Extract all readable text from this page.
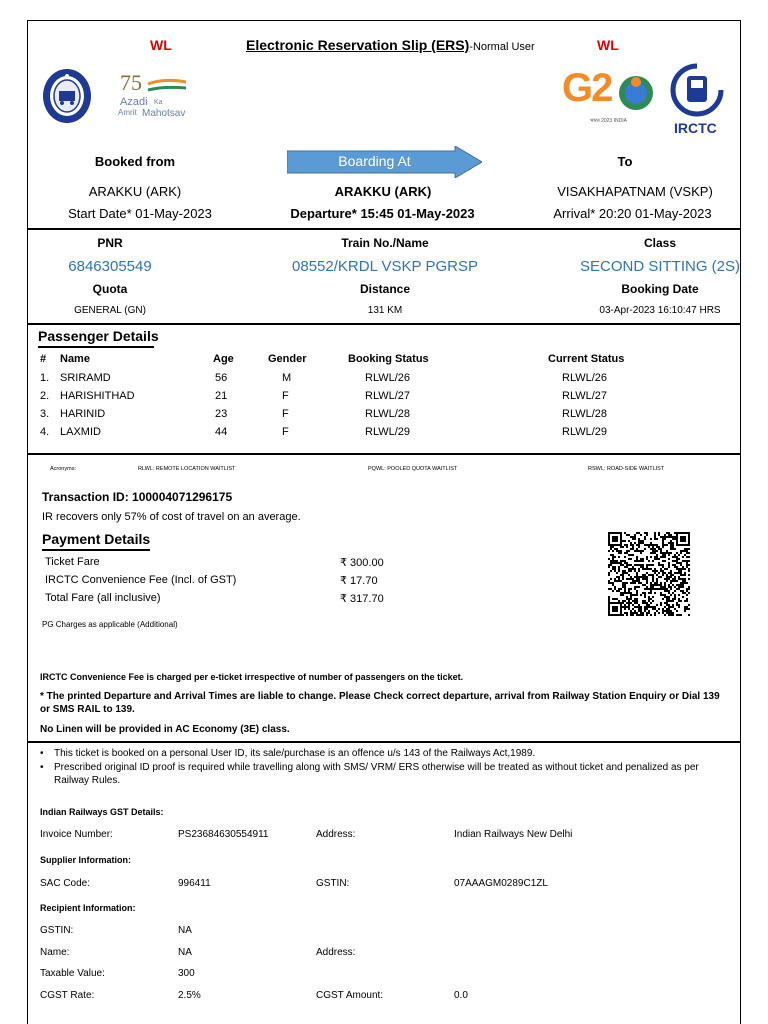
WL	Electronic Reservation Slip (ERS)-Normal User	WL
75
Azadi Ka
Amrit Mahotsav
G2
भारत 2023 INDIA	IRCTC
Booked from	Boarding At	To
ARAKKU (ARK)	ARAKKU (ARK)	VISAKHAPATNAM (VSKP)
Start Date* 01-May-2023	Departure* 15:45 01-May-2023	Arrival* 20:20 01-May-2023
PNR	Train No./Name	Class
6846305549	08552/KRDL VSKP PGRSP	SECOND SITTING (2S)
Quota	Distance	Booking Date
GENERAL (GN)	131 KM	03-Apr-2023 16:10:47 HRS
Passenger Details
# Name	Age	Gender	Booking Status	Current Status
1. SRIRAMD	56	M	RLWL/26	RLWL/26
2. HARISHITHAD	21	F	RLWL/27	RLWL/27
3. HARINID	23	F	RLWL/28	RLWL/28
4. LAXMID	44	F	RLWL/29	RLWL/29
Acronyms:	RLWL: REMOTE LOCATION WAITLIST	PQWL: POOLED QUOTA WAITLIST	RSWL: ROAD-SIDE WAITLIST
Transaction ID: 100004071296175
IR recovers only 57% of cost of travel on an average.
Payment Details
Ticket Fare	₹ 300.00
IRCTC Convenience Fee (Incl. of GST)	₹ 17.70
Total Fare (all inclusive)	₹ 317.70
PG Charges as applicable (Additional)
IRCTC Convenience Fee is charged per e-ticket irrespective of number of passengers on the ticket.
* The printed Departure and Arrival Times are liable to change. Please Check correct departure, arrival from Railway Station Enquiry or Dial 139 or SMS RAIL to 139.
No Linen will be provided in AC Economy (3E) class.
• This ticket is booked on a personal User ID, its sale/purchase is an offence u/s 143 of the Railways Act,1989.
• Prescribed original ID proof is required while travelling along with SMS/ VRM/ ERS otherwise will be treated as without ticket and penalized as per Railway Rules.
Indian Railways GST Details:
Invoice Number:	PS23684630554911	Address:	Indian Railways New Delhi
Supplier Information:
SAC Code:	996411	GSTIN:	07AAAGM0289C1ZL
Recipient Information:
GSTIN:	NA
Name:	NA	Address:
Taxable Value:	300
CGST Rate:	2.5%	CGST Amount:	0.0
